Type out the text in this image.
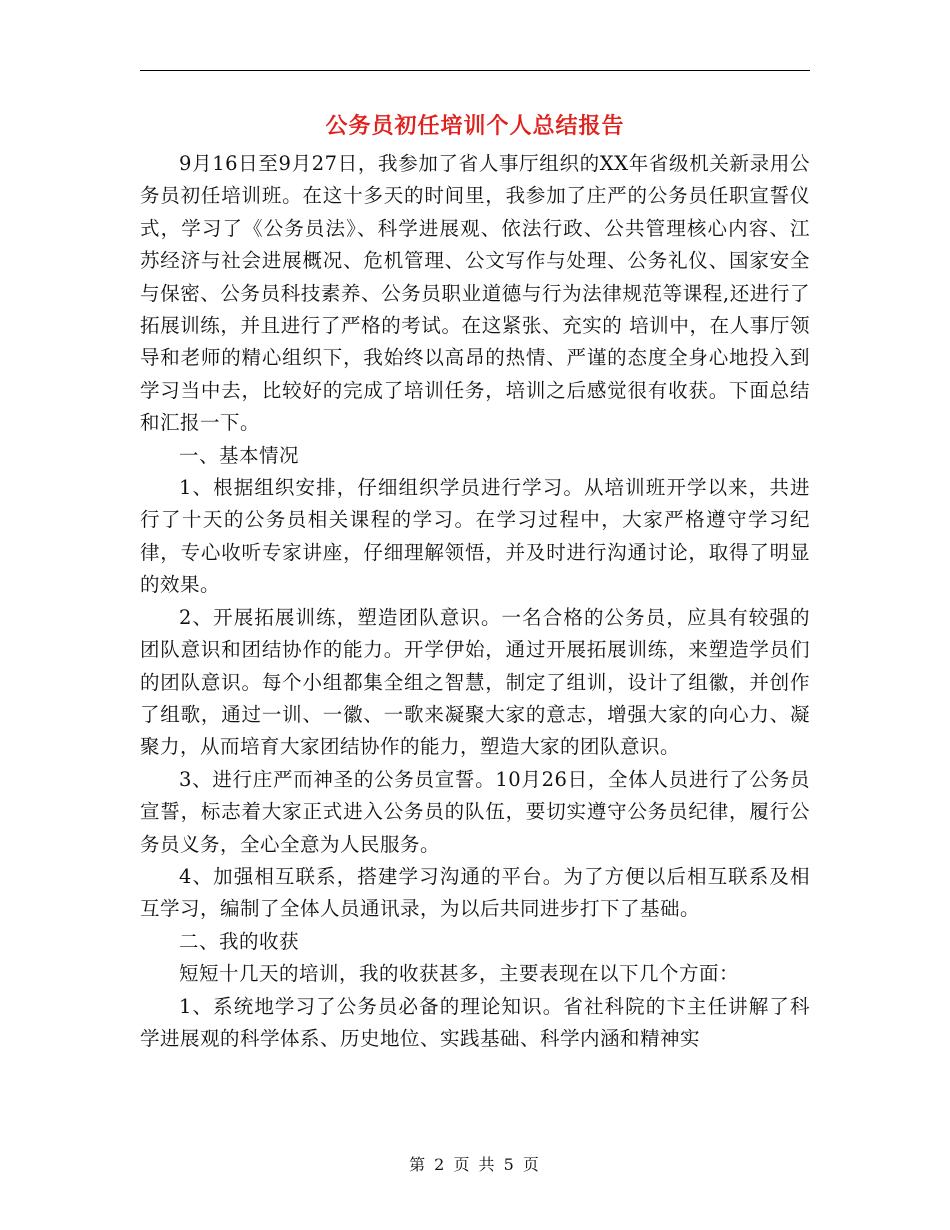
公务员初任培训个人总结报告

9月16日至9月27日，我参加了省人事厅组织的XX年省级机关新录用公务员初任培训班。在这十多天的时间里，我参加了庄严的公务员任职宣誓仪式，学习了《公务员法》、科学进展观、依法行政、公共管理核心内容、江苏经济与社会进展概况、危机管理、公文写作与处理、公务礼仪、国家安全与保密、公务员科技素养、公务员职业道德与行为法律规范等课程,还进行了拓展训练，并且进行了严格的考试。在这紧张、充实的 培训中，在人事厅领导和老师的精心组织下，我始终以高昂的热情、严谨的态度全身心地投入到学习当中去，比较好的完成了培训任务，培训之后感觉很有收获。下面总结和汇报一下。

一、基本情况

1、根据组织安排，仔细组织学员进行学习。从培训班开学以来，共进行了十天的公务员相关课程的学习。在学习过程中，大家严格遵守学习纪律，专心收听专家讲座，仔细理解领悟，并及时进行沟通讨论，取得了明显的效果。

2、开展拓展训练，塑造团队意识。一名合格的公务员，应具有较强的团队意识和团结协作的能力。开学伊始，通过开展拓展训练，来塑造学员们的团队意识。每个小组都集全组之智慧，制定了组训，设计了组徽，并创作了组歌，通过一训、一徽、一歌来凝聚大家的意志，增强大家的向心力、凝聚力，从而培育大家团结协作的能力，塑造大家的团队意识。

3、进行庄严而神圣的公务员宣誓。10月26日，全体人员进行了公务员宣誓，标志着大家正式进入公务员的队伍，要切实遵守公务员纪律，履行公务员义务，全心全意为人民服务。

4、加强相互联系，搭建学习沟通的平台。为了方便以后相互联系及相互学习，编制了全体人员通讯录，为以后共同进步打下了基础。

二、我的收获

短短十几天的培训，我的收获甚多，主要表现在以下几个方面：

1、系统地学习了公务员必备的理论知识。省社科院的卞主任讲解了科学进展观的科学体系、历史地位、实践基础、科学内涵和精神实

第 2 页 共 5 页
